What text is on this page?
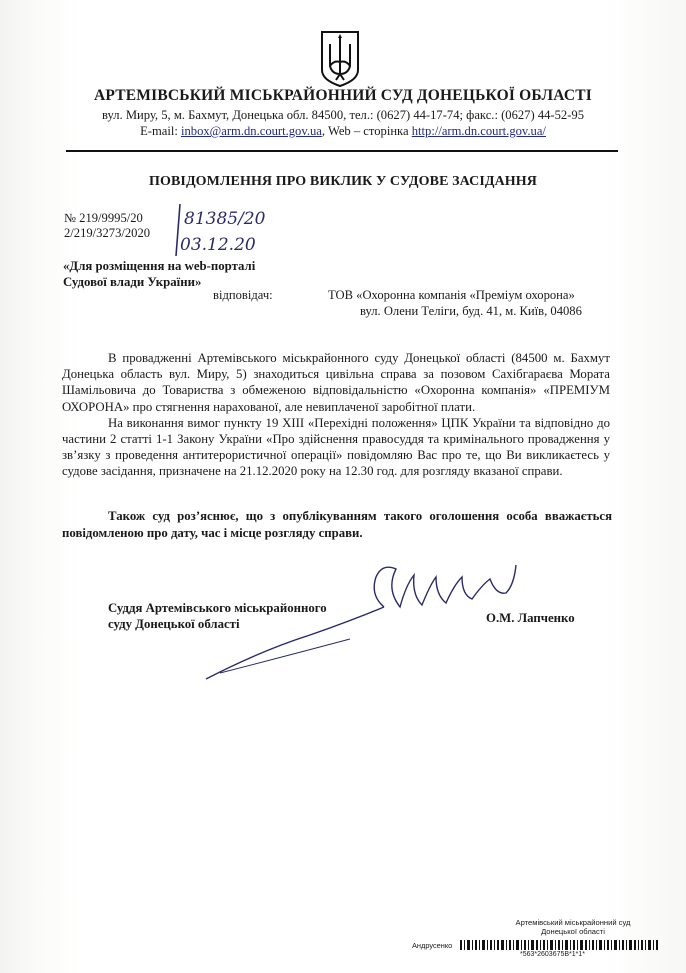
АРТЕМІВСЬКИЙ МІСЬКРАЙОННИЙ СУД ДОНЕЦЬКОЇ ОБЛАСТІ
вул. Миру, 5, м. Бахмут, Донецька обл. 84500, тел.: (0627) 44-17-74; факс.: (0627) 44-52-95
E-mail: inbox@arm.dn.court.gov.ua, Web – сторінка http://arm.dn.court.gov.ua/
ПОВІДОМЛЕННЯ ПРО ВИКЛИК У СУДОВЕ ЗАСІДАННЯ
№ 219/9995/20
2/219/3273/2020
81385/20
03.12.20
«Для розміщення на web-порталі
Судової влади України»
відповідач:	ТОВ «Охоронна компанія «Преміум охорона»
вул. Олени Теліги, буд. 41, м. Київ, 04086

В провадженні Артемівського міськрайонного суду Донецької області (84500 м. Бахмут Донецька область вул. Миру, 5) знаходиться цивільна справа за позовом Сахібгараєва Мората Шамільовича до Товариства з обмеженою відповідальністю «Охоронна компанія» «ПРЕМІУМ ОХОРОНА» про стягнення нарахованої, але невиплаченої заробітної плати.

На виконання вимог пункту 19 ХІІІ «Перехідні положення» ЦПК України та відповідно до частини 2 статті 1-1 Закону України «Про здійснення правосуддя та кримінального провадження у зв’язку з проведення антитерористичної операції» повідомляю Вас про те, що Ви викликаєтесь у судове засідання, призначене на 21.12.2020 року на 12.30 год. для розгляду вказаної справи.

Також суд роз’яснює, що з опублікуванням такого оголошення особа вважається повідомленою про дату, час і місце розгляду справи.
Суддя Артемівського міськрайонного
суду Донецької області	О.М. Лапченко
Артемівський міськрайонний суд
Донецької області
Андрусенко
*563*2603675В*1*1*
